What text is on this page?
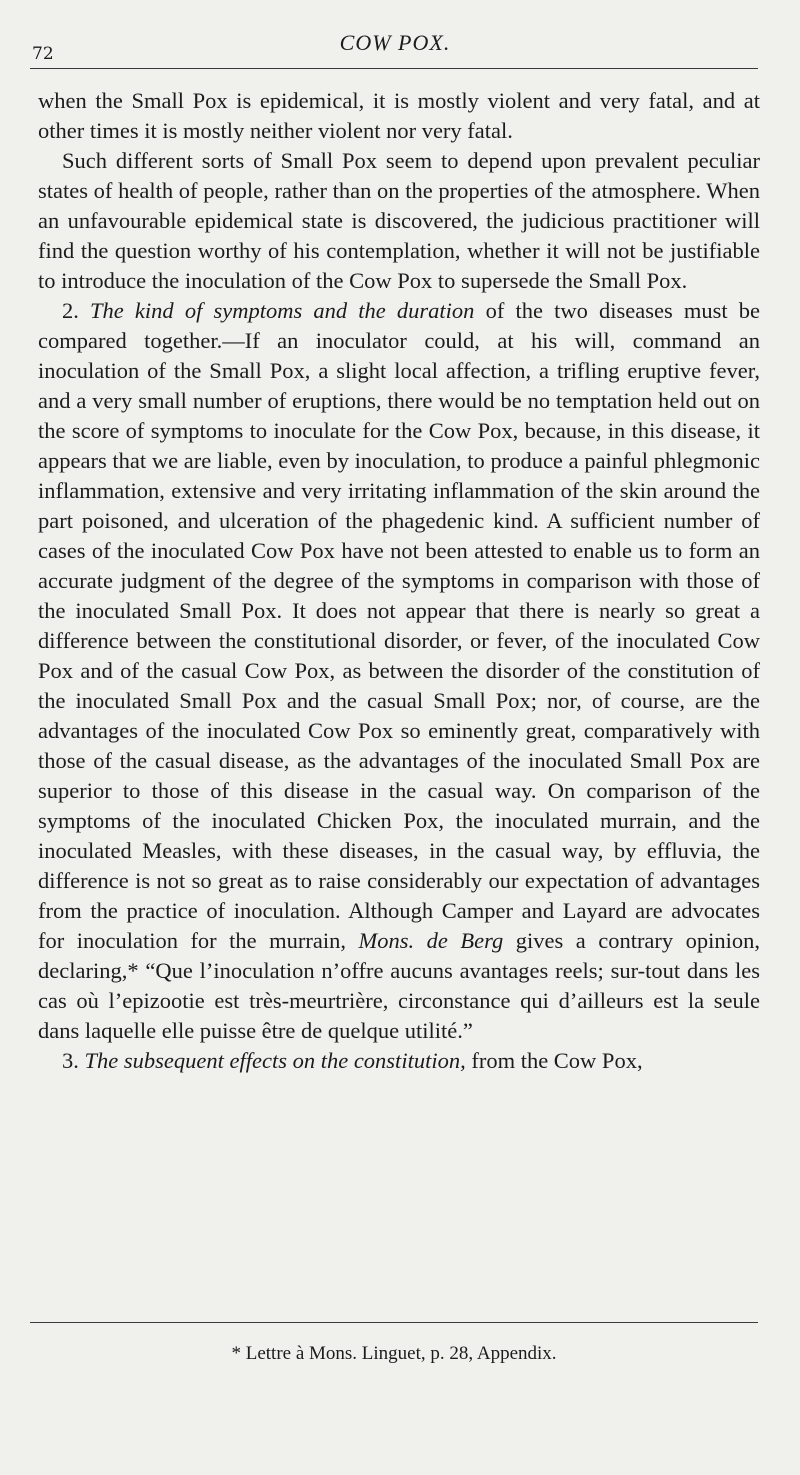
72	COW POX.

when the Small Pox is epidemical, it is mostly violent and very fatal, and at other times it is mostly neither violent nor very fatal.

Such different sorts of Small Pox seem to depend upon prevalent peculiar states of health of people, rather than on the properties of the atmosphere. When an unfavourable epidemical state is discovered, the judicious practitioner will find the question worthy of his contemplation, whether it will not be justifiable to introduce the inoculation of the Cow Pox to supersede the Small Pox.

2. The kind of symptoms and the duration of the two diseases must be compared together.—If an inoculator could, at his will, command an inoculation of the Small Pox, a slight local affection, a trifling eruptive fever, and a very small number of eruptions, there would be no temptation held out on the score of symptoms to inoculate for the Cow Pox, because, in this disease, it appears that we are liable, even by inoculation, to produce a painful phlegmonic inflammation, extensive and very irritating inflammation of the skin around the part poisoned, and ulceration of the phagedenic kind. A sufficient number of cases of the inoculated Cow Pox have not been attested to enable us to form an accurate judgment of the degree of the symptoms in comparison with those of the inoculated Small Pox. It does not appear that there is nearly so great a difference between the constitutional disorder, or fever, of the inoculated Cow Pox and of the casual Cow Pox, as between the disorder of the constitution of the inoculated Small Pox and the casual Small Pox; nor, of course, are the advantages of the inoculated Cow Pox so eminently great, comparatively with those of the casual disease, as the advantages of the inoculated Small Pox are superior to those of this disease in the casual way. On comparison of the symptoms of the inoculated Chicken Pox, the inoculated murrain, and the inoculated Measles, with these diseases, in the casual way, by effluvia, the difference is not so great as to raise considerably our expectation of advantages from the practice of inoculation. Although Camper and Layard are advocates for inoculation for the murrain, Mons. de Berg gives a contrary opinion, declaring,* “Que l’inoculation n’offre aucuns avantages reels; sur-tout dans les cas où l’epizootie est très-meurtrière, circonstance qui d’ailleurs est la seule dans laquelle elle puisse être de quelque utilité.”

3. The subsequent effects on the constitution, from the Cow Pox,

* Lettre à Mons. Linguet, p. 28, Appendix.
